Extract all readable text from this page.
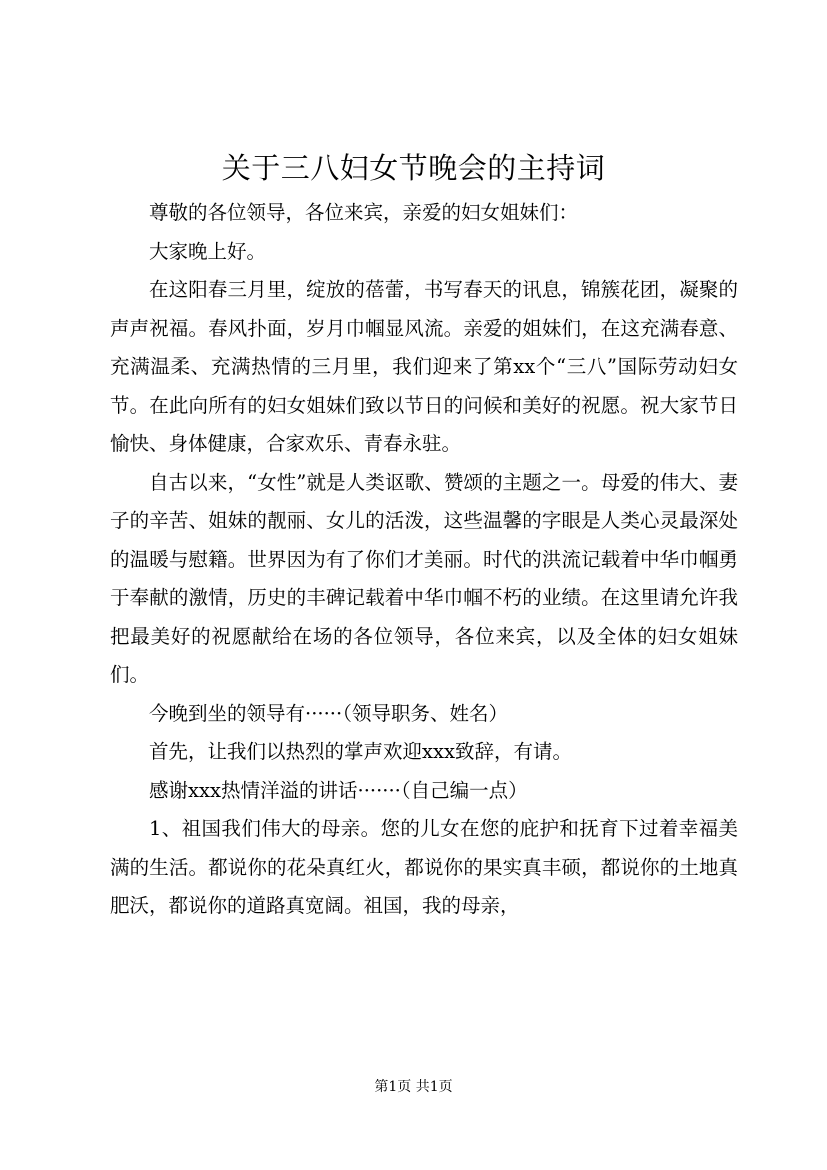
关于三八妇女节晚会的主持词

尊敬的各位领导，各位来宾，亲爱的妇女姐妹们：

大家晚上好。

在这阳春三月里，绽放的蓓蕾，书写春天的讯息，锦簇花团，凝聚的声声祝福。春风扑面，岁月巾帼显风流。亲爱的姐妹们，在这充满春意、充满温柔、充满热情的三月里，我们迎来了第xx个“三八”国际劳动妇女节。在此向所有的妇女姐妹们致以节日的问候和美好的祝愿。祝大家节日愉快、身体健康，合家欢乐、青春永驻。

自古以来，“女性”就是人类讴歌、赞颂的主题之一。母爱的伟大、妻子的辛苦、姐妹的靓丽、女儿的活泼，这些温馨的字眼是人类心灵最深处的温暖与慰籍。世界因为有了你们才美丽。时代的洪流记载着中华巾帼勇于奉献的激情，历史的丰碑记载着中华巾帼不朽的业绩。在这里请允许我把最美好的祝愿献给在场的各位领导，各位来宾，以及全体的妇女姐妹们。

今晚到坐的领导有······（领导职务、姓名）

首先，让我们以热烈的掌声欢迎xxx致辞，有请。

感谢xxx热情洋溢的讲话·······（自己编一点）

1、祖国我们伟大的母亲。您的儿女在您的庇护和抚育下过着幸福美满的生活。都说你的花朵真红火，都说你的果实真丰硕，都说你的土地真肥沃，都说你的道路真宽阔。祖国，我的母亲，

第1页 共1页
